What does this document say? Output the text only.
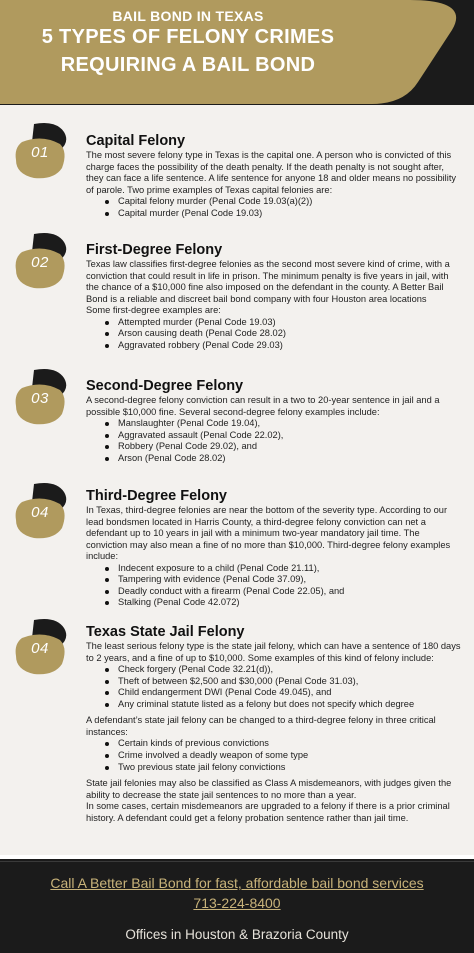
BAIL BOND IN TEXAS
5 TYPES OF FELONY CRIMES
REQUIRING A BAIL BOND
01
Capital Felony
The most severe felony type in Texas is the capital one. A person who is convicted of this charge faces the possibility of the death penalty. If the death penalty is not sought after, they can face a life sentence. A life sentence for anyone 18 and older means no possibility of parole. Two prime examples of Texas capital felonies are:
Capital felony murder (Penal Code 19.03(a)(2))
Capital murder (Penal Code 19.03)
02
First-Degree Felony
Texas law classifies first-degree felonies as the second most severe kind of crime, with a conviction that could result in life in prison. The minimum penalty is five years in jail, with the chance of a $10,000 fine also imposed on the defendant in the county. A Better Bail Bond is a reliable and discreet bail bond company with four Houston area locations
Some first-degree examples are:
Attempted murder (Penal Code 19.03)
Arson causing death (Penal Code 28.02)
Aggravated robbery (Penal Code 29.03)
03
Second-Degree Felony
A second-degree felony conviction can result in a two to 20-year sentence in jail and a possible $10,000 fine. Several second-degree felony examples include:
Manslaughter (Penal Code 19.04),
Aggravated assault (Penal Code 22.02),
Robbery (Penal Code 29.02), and
Arson (Penal Code 28.02)
04
Third-Degree Felony
In Texas, third-degree felonies are near the bottom of the severity type. According to our lead bondsmen located in Harris County, a third-degree felony conviction can net a defendant up to 10 years in jail with a minimum two-year mandatory jail time. The conviction may also mean a fine of no more than $10,000. Third-degree felony examples include:
Indecent exposure to a child (Penal Code 21.11),
Tampering with evidence (Penal Code 37.09),
Deadly conduct with a firearm (Penal Code 22.05), and
Stalking (Penal Code 42.072)
04
Texas State Jail Felony
The least serious felony type is the state jail felony, which can have a sentence of 180 days to 2 years, and a fine of up to $10,000. Some examples of this kind of felony include:
Check forgery (Penal Code 32.21(d)),
Theft of between $2,500 and $30,000 (Penal Code 31.03),
Child endangerment DWI (Penal Code 49.045), and
Any criminal statute listed as a felony but does not specify which degree
A defendant’s state jail felony can be changed to a third-degree felony in three critical instances:
Certain kinds of previous convictions
Crime involved a deadly weapon of some type
Two previous state jail felony convictions
State jail felonies may also be classified as Class A misdemeanors, with judges given the ability to decrease the state jail sentences to no more than a year.
In some cases, certain misdemeanors are upgraded to a felony if there is a prior criminal history. A defendant could get a felony probation sentence rather than jail time.
Call A Better Bail Bond for fast, affordable bail bond services
713-224-8400
Offices in Houston & Brazoria County
